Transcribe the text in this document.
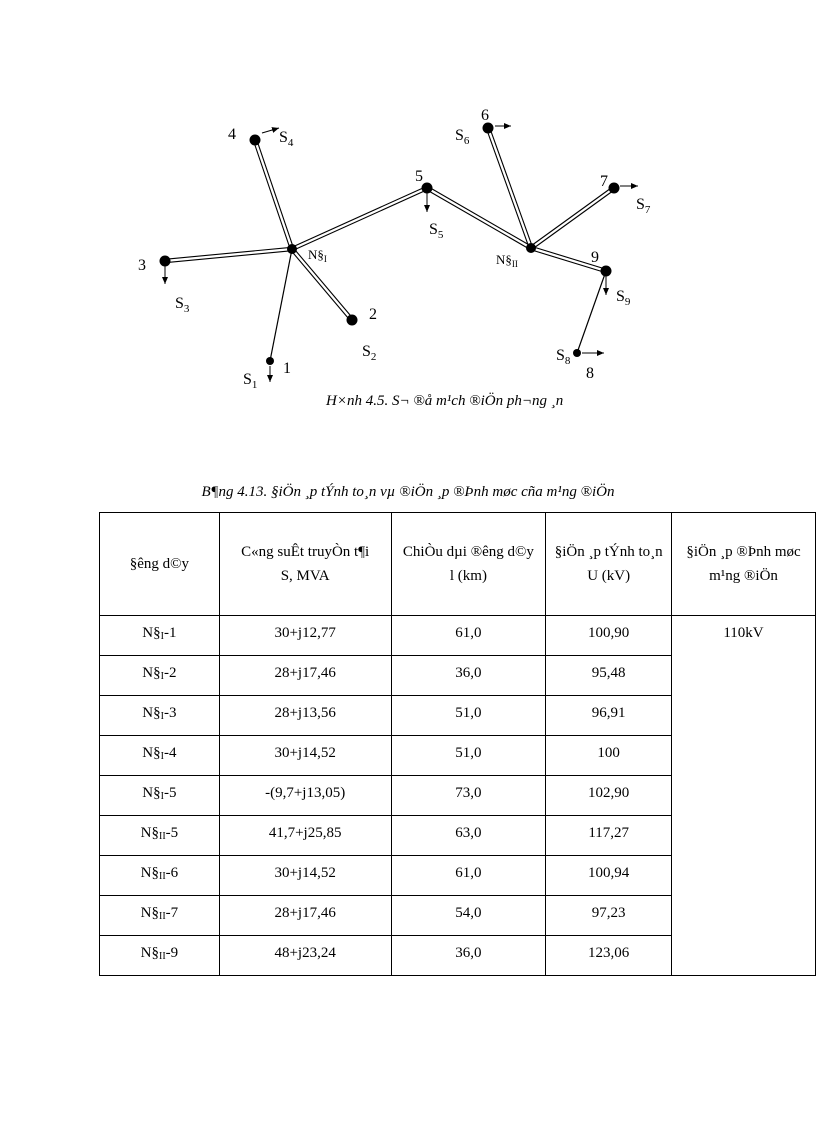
$N\S_I$	$N\S_{II}$
1
$S_1$
2
$S_2$
3
$S_3$
4	$S_4$
5
$S_5$
6
$S_6$
7
$S_7$
8
$S_8$
9
$S_9$
H×nh 4.5. S¬ ®å m¹ch ®iÖn ph¬ng ¸n
B¶ng 4.13. §iÖn ¸p tÝnh to¸n vµ ®iÖn ¸p ®Þnh møc cña m¹ng ®iÖn
§êng d©y	C«ng suÊt truyÒn t¶i S, MVA	ChiÒu dµi ®êng d©y l (km)	§iÖn ¸p tÝnh to¸n U (kV)	§iÖn ¸p ®Þnh møc m¹ng ®iÖn
$N\S_I-1$	30+j12,77	61,0	100,90	110kV
$N\S_I-2$	28+j17,46	36,0	95,48	
$N\S_I-3$	28+j13,56	51,0	96,91	
$N\S_I-4$	30+j14,52	51,0	100	
$N\S_I-5$	-(9,7+j13,05)	73,0	102,90	
$N\S_{II}-5$	41,7+j25,85	63,0	117,27	
$N\S_{II}-6$	30+j14,52	61,0	100,94	
$N\S_{II}-7$	28+j17,46	54,0	97,23	
$N\S_{II}-9$	48+j23,24	36,0	123,06	
